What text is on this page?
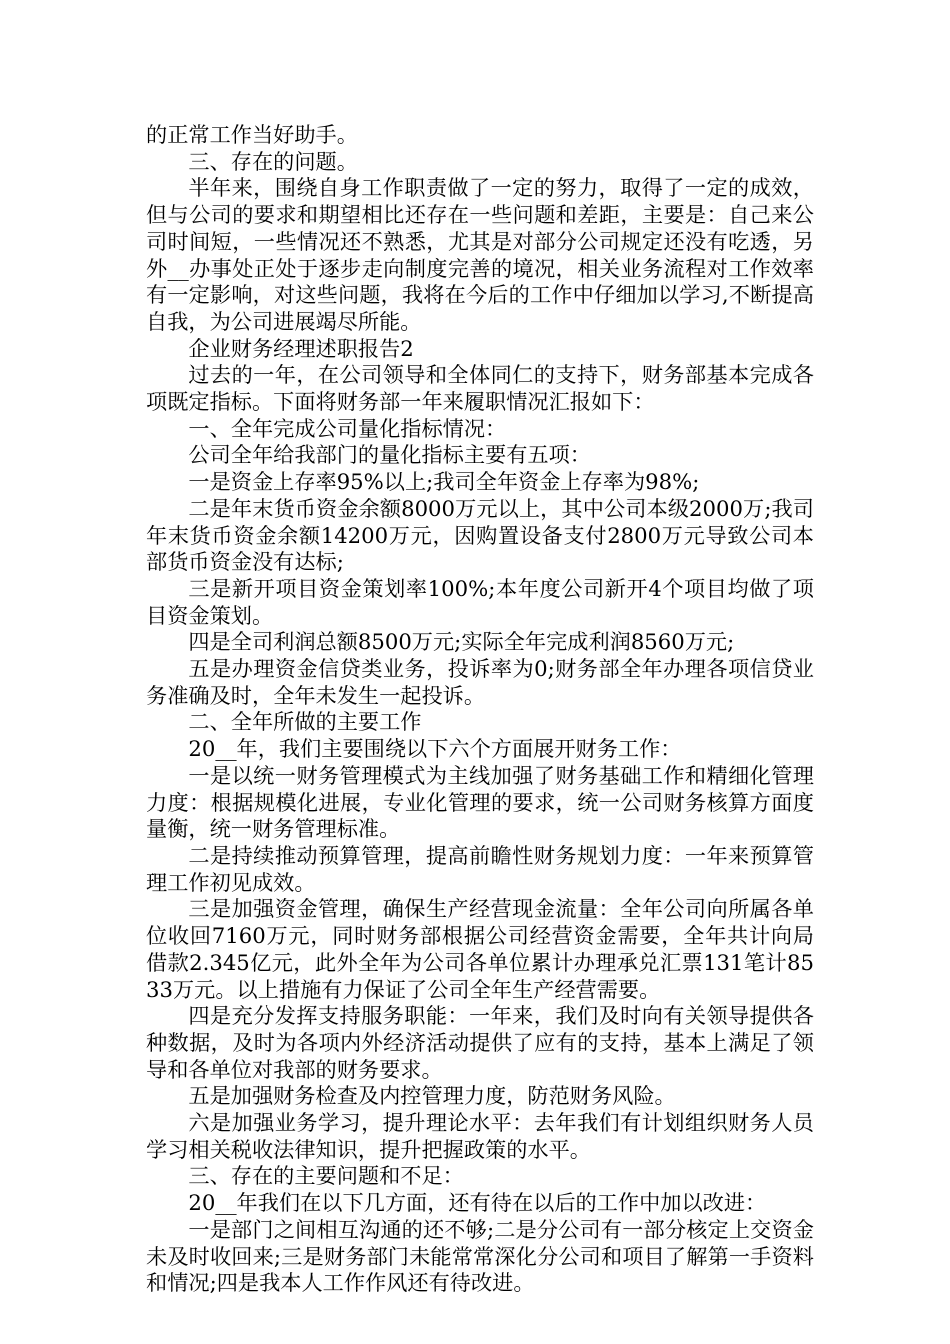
的正常工作当好助手。

三、存在的问题。

半年来，围绕自身工作职责做了一定的努力，取得了一定的成效，但与公司的要求和期望相比还存在一些问题和差距，主要是：自己来公司时间短，一些情况还不熟悉，尤其是对部分公司规定还没有吃透，另外__办事处正处于逐步走向制度完善的境况，相关业务流程对工作效率有一定影响，对这些问题，我将在今后的工作中仔细加以学习,不断提高自我，为公司进展竭尽所能。

企业财务经理述职报告2

过去的一年，在公司领导和全体同仁的支持下，财务部基本完成各项既定指标。下面将财务部一年来履职情况汇报如下：

一、全年完成公司量化指标情况：

公司全年给我部门的量化指标主要有五项：

一是资金上存率95%以上;我司全年资金上存率为98%;

二是年末货币资金余额8000万元以上，其中公司本级2000万;我司年末货币资金余额14200万元，因购置设备支付2800万元导致公司本部货币资金没有达标;

三是新开项目资金策划率100%;本年度公司新开4个项目均做了项目资金策划。

四是全司利润总额8500万元;实际全年完成利润8560万元;

五是办理资金信贷类业务，投诉率为0;财务部全年办理各项信贷业务准确及时，全年未发生一起投诉。

二、全年所做的主要工作

20__年，我们主要围绕以下六个方面展开财务工作：

一是以统一财务管理模式为主线加强了财务基础工作和精细化管理力度：根据规模化进展，专业化管理的要求，统一公司财务核算方面度量衡，统一财务管理标准。

二是持续推动预算管理，提高前瞻性财务规划力度：一年来预算管理工作初见成效。

三是加强资金管理，确保生产经营现金流量：全年公司向所属各单位收回7160万元，同时财务部根据公司经营资金需要，全年共计向局借款2.345亿元，此外全年为公司各单位累计办理承兑汇票131笔计8533万元。以上措施有力保证了公司全年生产经营需要。

四是充分发挥支持服务职能：一年来，我们及时向有关领导提供各种数据，及时为各项内外经济活动提供了应有的支持，基本上满足了领导和各单位对我部的财务要求。

五是加强财务检查及内控管理力度，防范财务风险。

六是加强业务学习，提升理论水平：去年我们有计划组织财务人员学习相关税收法律知识，提升把握政策的水平。

三、存在的主要问题和不足：

20__年我们在以下几方面，还有待在以后的工作中加以改进：

一是部门之间相互沟通的还不够;二是分公司有一部分核定上交资金未及时收回来;三是财务部门未能常常深化分公司和项目了解第一手资料和情况;四是我本人工作作风还有待改进。
